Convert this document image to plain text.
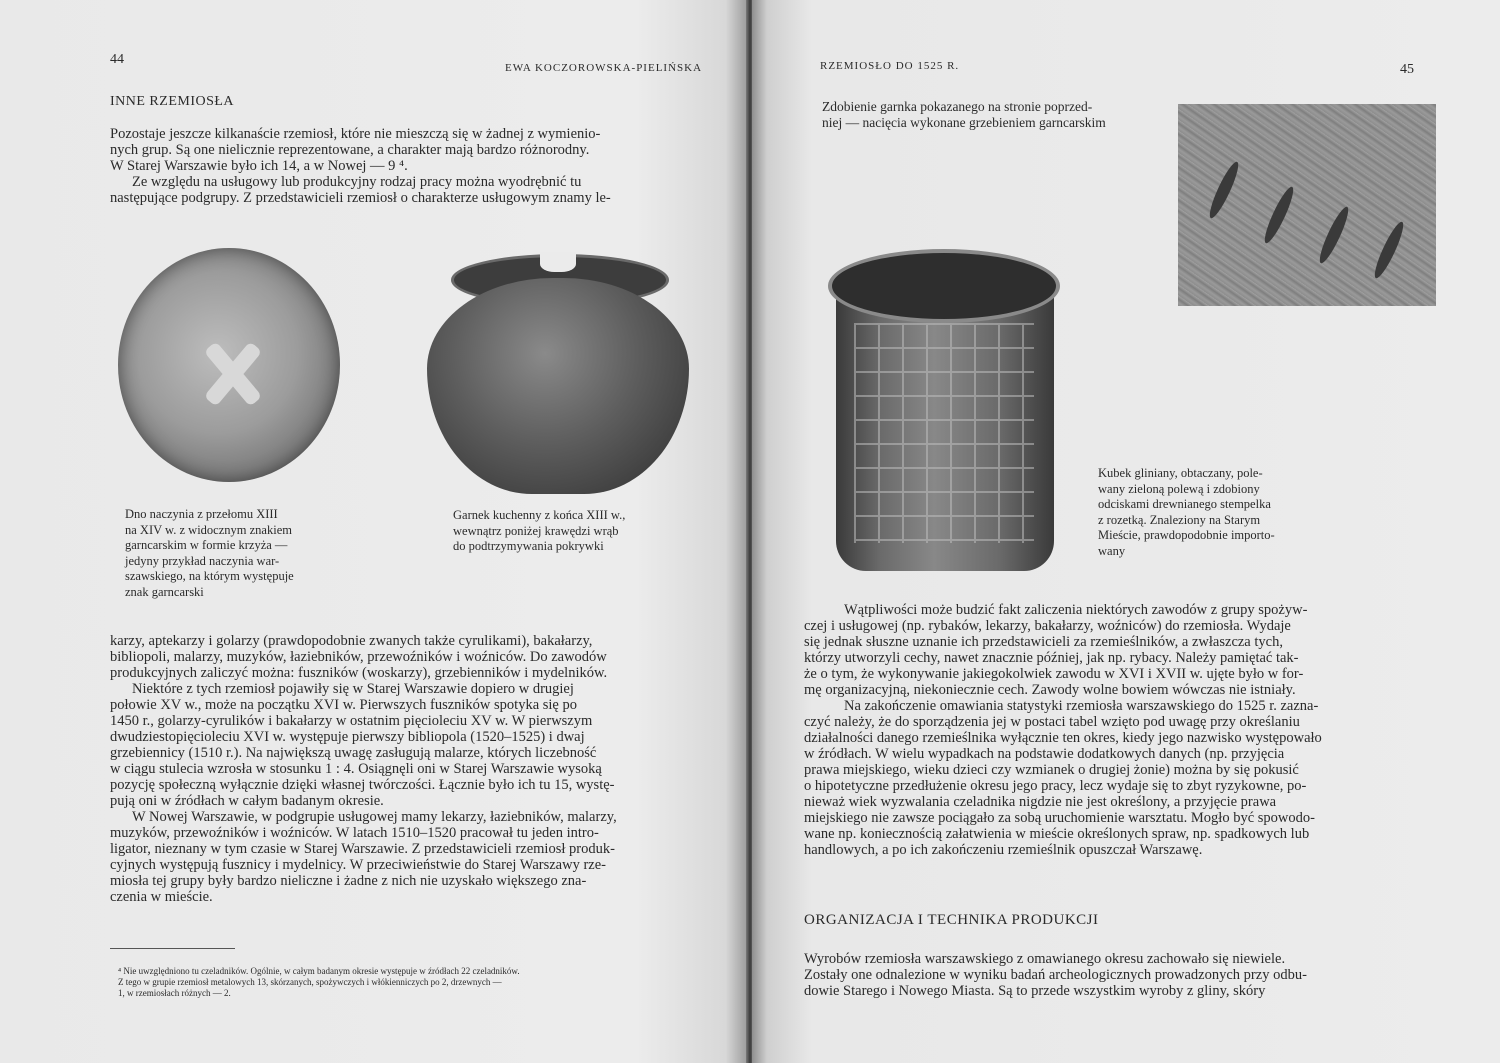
44
EWA KOCZOROWSKA-PIELIŃSKA
INNE RZEMIOSŁA
Pozostaje jeszcze kilkanaście rzemiosł, które nie mieszczą się w żadnej z wymienio-
nych grup. Są one nielicznie reprezentowane, a charakter mają bardzo różnorodny.
W Starej Warszawie było ich 14, a w Nowej — 9 ⁴.
Ze względu na usługowy lub produkcyjny rodzaj pracy można wyodrębnić tu
następujące podgrupy. Z przedstawicieli rzemiosł o charakterze usługowym znamy le-
Dno naczynia z przełomu XIII
na XIV w. z widocznym znakiem
garncarskim w formie krzyża —
jedyny przykład naczynia war-
szawskiego, na którym występuje
znak garncarski
Garnek kuchenny z końca XIII w.,
wewnątrz poniżej krawędzi wrąb
do podtrzymywania pokrywki
karzy, aptekarzy i golarzy (prawdopodobnie zwanych także cyrulikami), bakałarzy,
bibliopoli, malarzy, muzyków, łaziebników, przewoźników i woźniców. Do zawodów
produkcyjnych zaliczyć można: fuszników (woskarzy), grzebienników i mydelników.
Niektóre z tych rzemiosł pojawiły się w Starej Warszawie dopiero w drugiej
połowie XV w., może na początku XVI w. Pierwszych fuszników spotyka się po
1450 r., golarzy-cyrulików i bakałarzy w ostatnim pięcioleciu XV w. W pierwszym
dwudziestopięcioleciu XVI w. występuje pierwszy bibliopola (1520–1525) i dwaj
grzebiennicy (1510 r.). Na największą uwagę zasługują malarze, których liczebność
w ciągu stulecia wzrosła w stosunku 1 : 4. Osiągnęli oni w Starej Warszawie wysoką
pozycję społeczną wyłącznie dzięki własnej twórczości. Łącznie było ich tu 15, wystę-
pują oni w źródłach w całym badanym okresie.
W Nowej Warszawie, w podgrupie usługowej mamy lekarzy, łaziebników, malarzy,
muzyków, przewoźników i woźniców. W latach 1510–1520 pracował tu jeden intro-
ligator, nieznany w tym czasie w Starej Warszawie. Z przedstawicieli rzemiosł produk-
cyjnych występują fusznicy i mydelnicy. W przeciwieństwie do Starej Warszawy rze-
miosła tej grupy były bardzo nieliczne i żadne z nich nie uzyskało większego zna-
czenia w mieście.
⁴ Nie uwzględniono tu czeladników. Ogólnie, w całym badanym okresie występuje w źródłach 22 czeladników.
Z tego w grupie rzemiosł metalowych 13, skórzanych, spożywczych i włókienniczych po 2, drzewnych —
1, w rzemiosłach różnych — 2.
RZEMIOSŁO DO 1525 R.	45
Zdobienie garnka pokazanego na stronie poprzed-
niej — nacięcia wykonane grzebieniem garncarskim
Kubek gliniany, obtaczany, pole-
wany zieloną polewą i zdobiony
odciskami drewnianego stempelka
z rozetką. Znaleziony na Starym
Mieście, prawdopodobnie importo-
wany
Wątpliwości może budzić fakt zaliczenia niektórych zawodów z grupy spożyw-
czej i usługowej (np. rybaków, lekarzy, bakałarzy, woźniców) do rzemiosła. Wydaje
się jednak słuszne uznanie ich przedstawicieli za rzemieślników, a zwłaszcza tych,
którzy utworzyli cechy, nawet znacznie później, jak np. rybacy. Należy pamiętać tak-
że o tym, że wykonywanie jakiegokolwiek zawodu w XVI i XVII w. ujęte było w for-
mę organizacyjną, niekoniecznie cech. Zawody wolne bowiem wówczas nie istniały.
Na zakończenie omawiania statystyki rzemiosła warszawskiego do 1525 r. zazna-
czyć należy, że do sporządzenia jej w postaci tabel wzięto pod uwagę przy określaniu
działalności danego rzemieślnika wyłącznie ten okres, kiedy jego nazwisko występowało
w źródłach. W wielu wypadkach na podstawie dodatkowych danych (np. przyjęcia
prawa miejskiego, wieku dzieci czy wzmianek o drugiej żonie) można by się pokusić
o hipotetyczne przedłużenie okresu jego pracy, lecz wydaje się to zbyt ryzykowne, po-
nieważ wiek wyzwalania czeladnika nigdzie nie jest określony, a przyjęcie prawa
miejskiego nie zawsze pociągało za sobą uruchomienie warsztatu. Mogło być spowodo-
wane np. koniecznością załatwienia w mieście określonych spraw, np. spadkowych lub
handlowych, a po ich zakończeniu rzemieślnik opuszczał Warszawę.
ORGANIZACJA I TECHNIKA PRODUKCJI
Wyrobów rzemiosła warszawskiego z omawianego okresu zachowało się niewiele.
Zostały one odnalezione w wyniku badań archeologicznych prowadzonych przy odbu-
dowie Starego i Nowego Miasta. Są to przede wszystkim wyroby z gliny, skóry
